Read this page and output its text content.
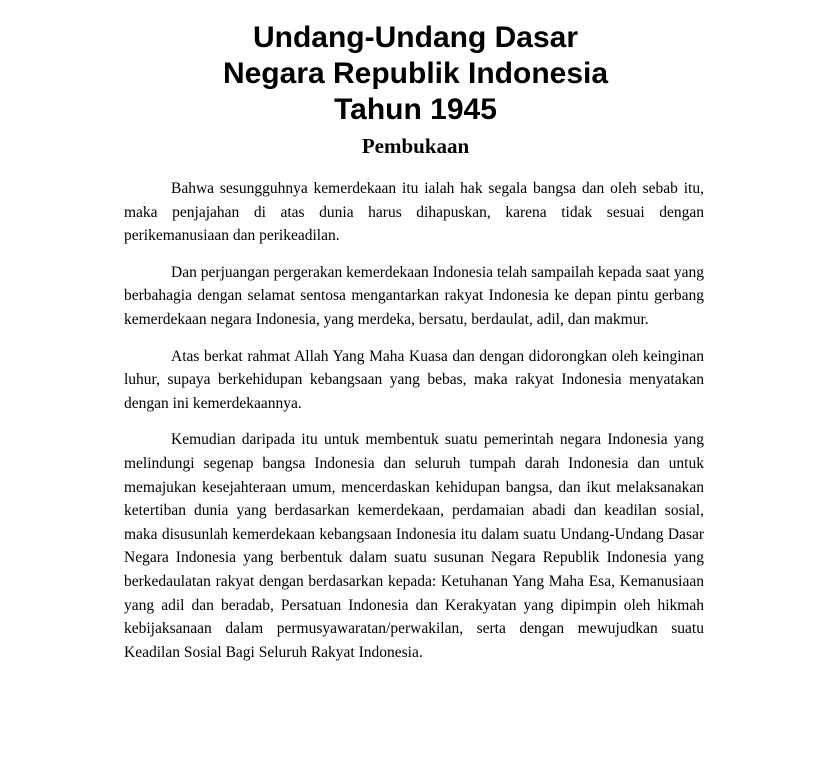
Undang-Undang Dasar
Negara Republik Indonesia
Tahun 1945
Pembukaan

Bahwa sesungguhnya kemerdekaan itu ialah hak segala bangsa dan oleh sebab itu, maka penjajahan di atas dunia harus dihapuskan, karena tidak sesuai dengan perikemanusiaan dan perikeadilan.

Dan perjuangan pergerakan kemerdekaan Indonesia telah sampailah kepada saat yang berbahagia dengan selamat sentosa mengantarkan rakyat Indonesia ke depan pintu gerbang kemerdekaan negara Indonesia, yang merdeka, bersatu, berdaulat, adil, dan makmur.

Atas berkat rahmat Allah Yang Maha Kuasa dan dengan didorongkan oleh keinginan luhur, supaya berkehidupan kebangsaan yang bebas, maka rakyat Indonesia menyatakan dengan ini kemerdekaannya.

Kemudian daripada itu untuk membentuk suatu pemerintah negara Indonesia yang melindungi segenap bangsa Indonesia dan seluruh tumpah darah Indonesia dan untuk memajukan kesejahteraan umum, mencerdaskan kehidupan bangsa, dan ikut melaksanakan ketertiban dunia yang berdasarkan kemerdekaan, perdamaian abadi dan keadilan sosial, maka disusunlah kemerdekaan kebangsaan Indonesia itu dalam suatu Undang-Undang Dasar Negara Indonesia yang berbentuk dalam suatu susunan Negara Republik Indonesia yang berkedaulatan rakyat dengan berdasarkan kepada: Ketuhanan Yang Maha Esa, Kemanusiaan yang adil dan beradab, Persatuan Indonesia dan Kerakyatan yang dipimpin oleh hikmah kebijaksanaan dalam permusyawaratan/perwakilan, serta dengan mewujudkan suatu Keadilan Sosial Bagi Seluruh Rakyat Indonesia.
